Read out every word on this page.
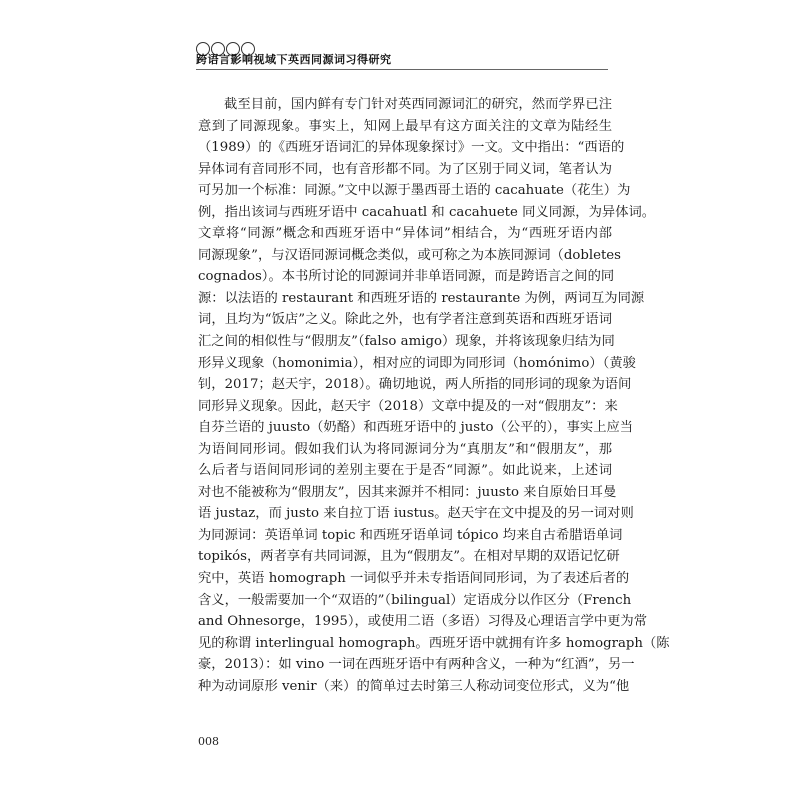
跨语言影响视域下英西同源词习得研究
截至目前，国内鲜有专门针对英西同源词汇的研究，然而学界已注
意到了同源现象。事实上，知网上最早有这方面关注的文章为陆经生
（1989）的《西班牙语词汇的异体现象探讨》一文。文中指出：“西语的
异体词有音同形不同，也有音形都不同。为了区别于同义词，笔者认为
可另加一个标准：同源。”文中以源于墨西哥土语的 cacahuate（花生）为
例，指出该词与西班牙语中 cacahuatl 和 cacahuete 同义同源，为异体词。
文章将“同源”概念和西班牙语中“异体词”相结合，为“西班牙语内部
同源现象”，与汉语同源词概念类似，或可称之为本族同源词（dobletes
cognados）。本书所讨论的同源词并非单语同源，而是跨语言之间的同
源：以法语的 restaurant 和西班牙语的 restaurante 为例，两词互为同源
词，且均为“饭店”之义。除此之外，也有学者注意到英语和西班牙语词
汇之间的相似性与“假朋友”（falso amigo）现象，并将该现象归结为同
形异义现象（homonimia），相对应的词即为同形词（homónimo）（黄骏
钊，2017；赵天宇，2018）。确切地说，两人所指的同形词的现象为语间
同形异义现象。因此，赵天宇（2018）文章中提及的一对“假朋友”：来
自芬兰语的 juusto（奶酪）和西班牙语中的 justo（公平的），事实上应当
为语间同形词。假如我们认为将同源词分为“真朋友”和“假朋友”，那
么后者与语间同形词的差别主要在于是否“同源”。如此说来，上述词
对也不能被称为“假朋友”，因其来源并不相同：juusto 来自原始日耳曼
语 justaz，而 justo 来自拉丁语 iustus。赵天宇在文中提及的另一词对则
为同源词：英语单词 topic 和西班牙语单词 tópico 均来自古希腊语单词
topikós，两者享有共同词源，且为“假朋友”。在相对早期的双语记忆研
究中，英语 homograph 一词似乎并未专指语间同形词，为了表述后者的
含义，一般需要加一个“双语的”（bilingual）定语成分以作区分（French
and Ohnesorge，1995），或使用二语（多语）习得及心理语言学中更为常
见的称谓 interlingual homograph。西班牙语中就拥有许多 homograph（陈
豪，2013）：如 vino 一词在西班牙语中有两种含义，一种为“红酒”，另一
种为动词原形 venir（来）的简单过去时第三人称动词变位形式，义为“他
008
